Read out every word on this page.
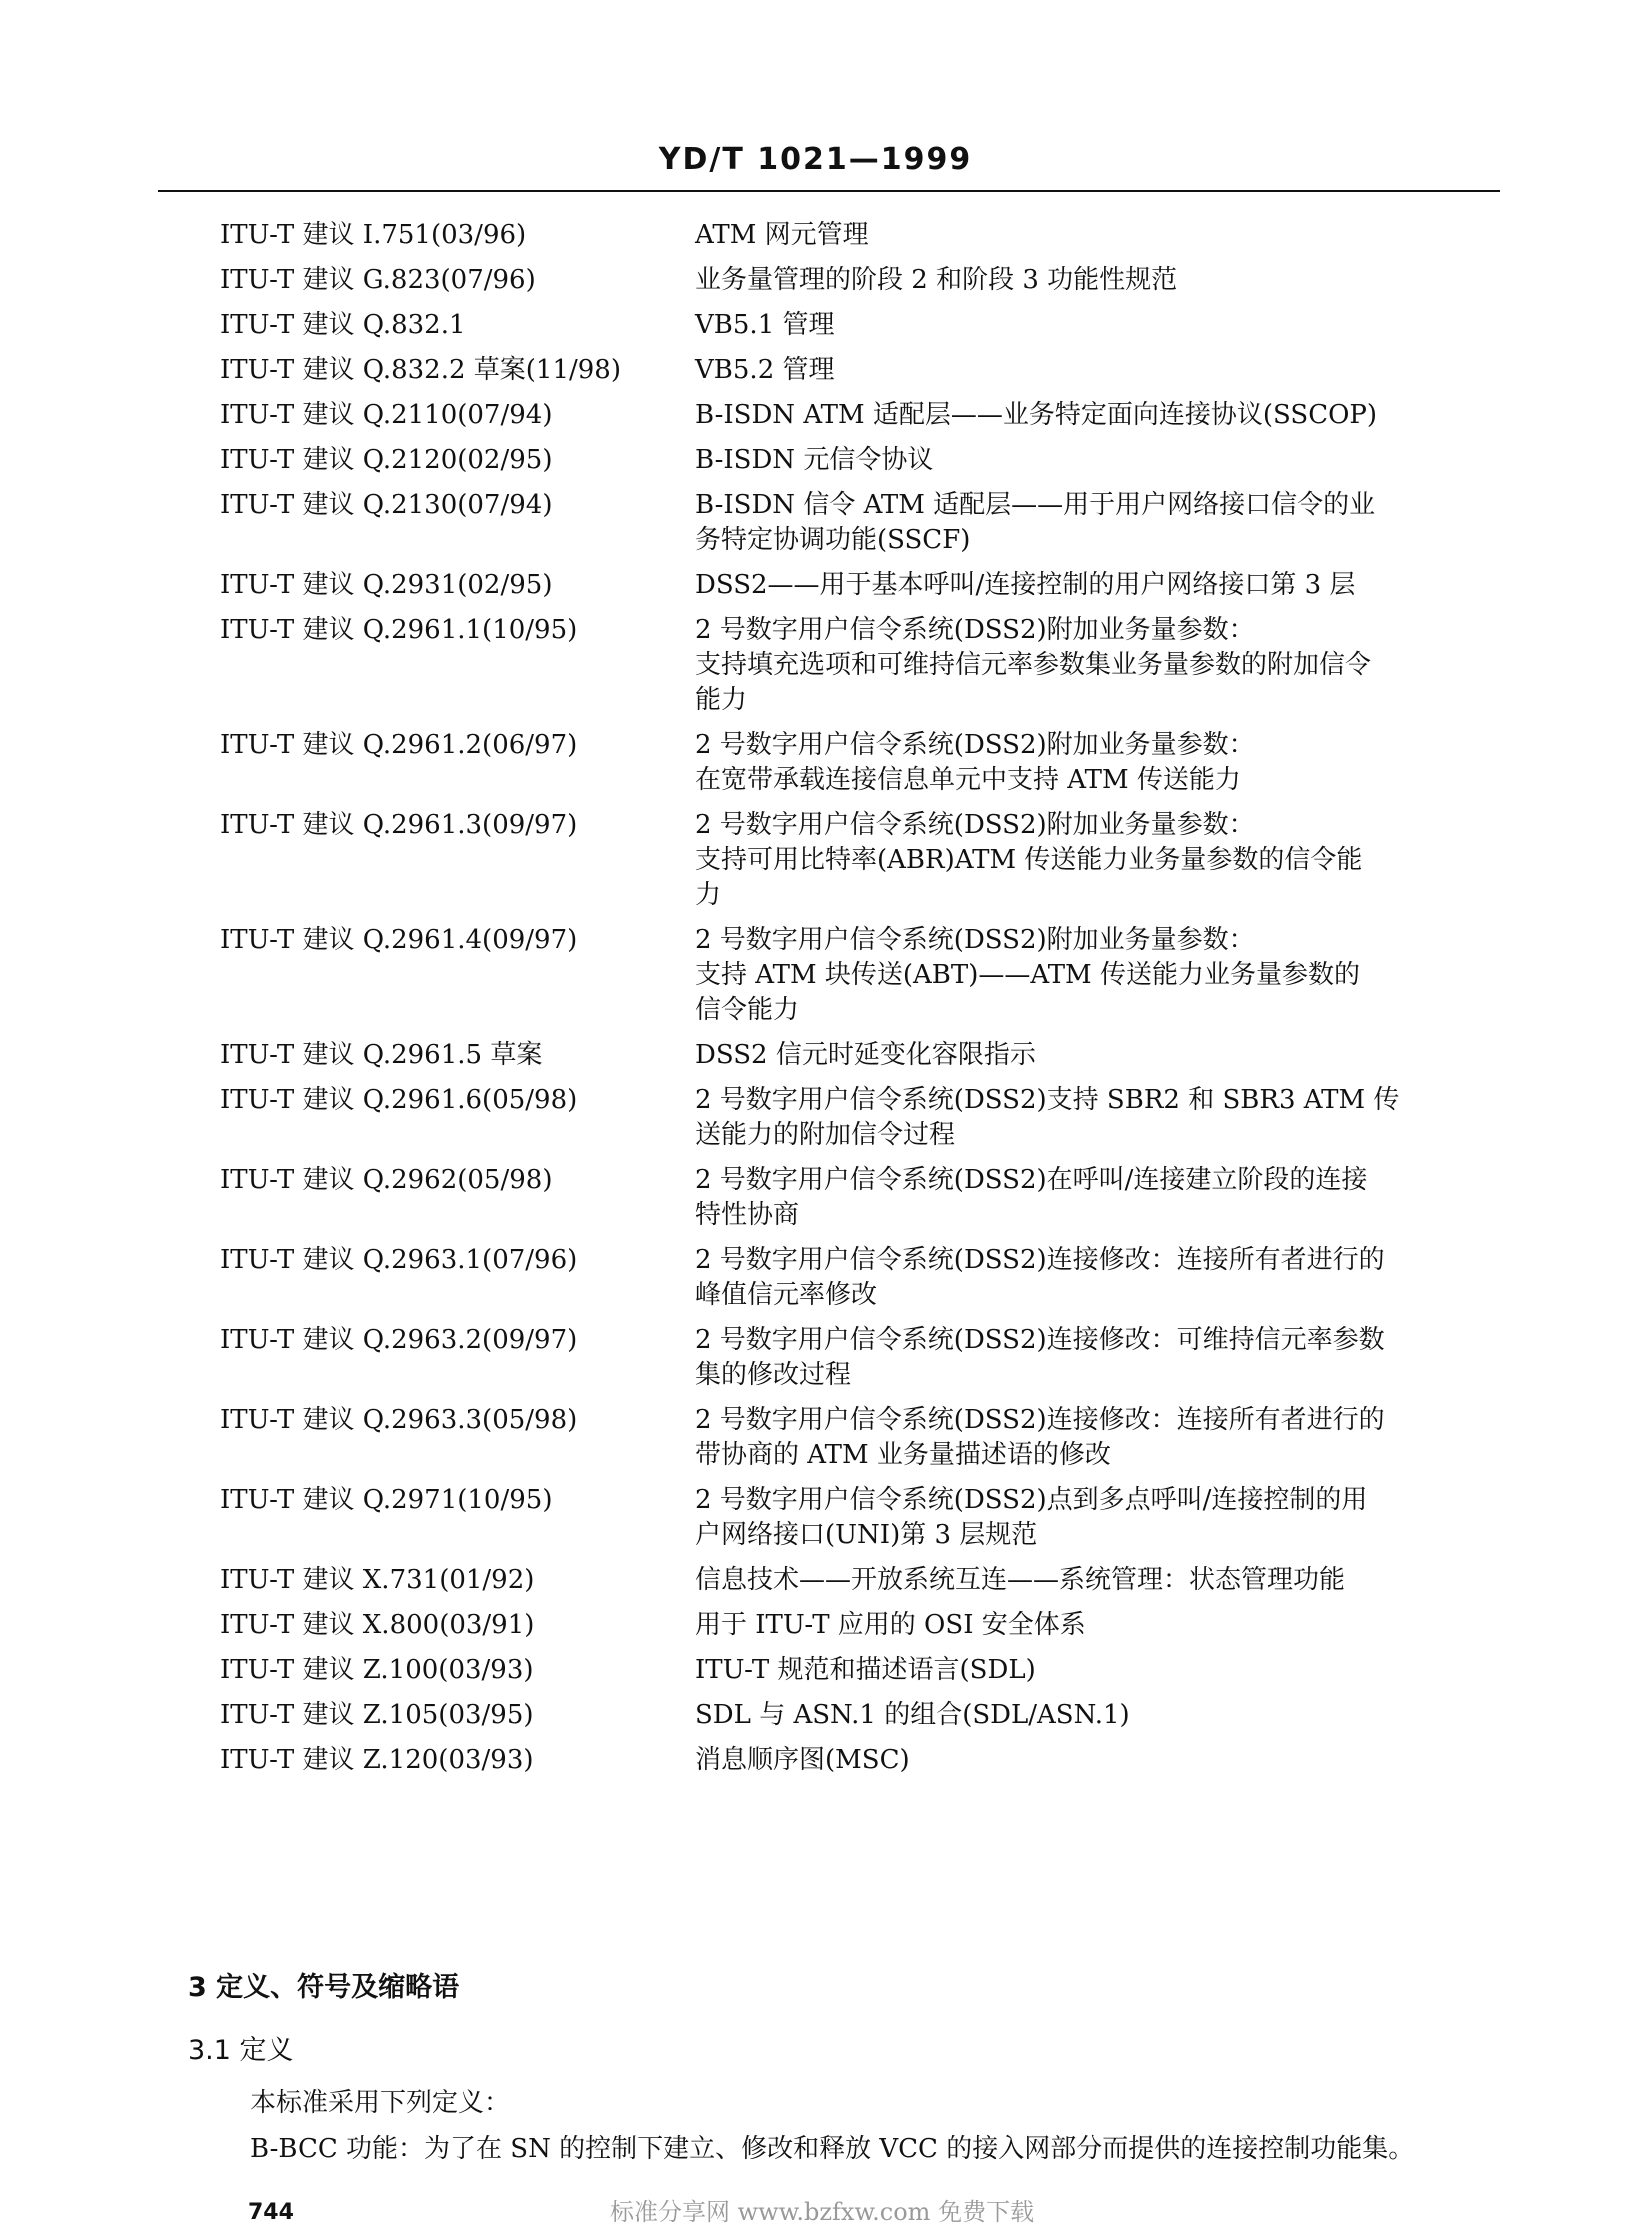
YD/T 1021—1999
ITU-T 建议 I.751(03/96)	ATM 网元管理
ITU-T 建议 G.823(07/96)	业务量管理的阶段 2 和阶段 3 功能性规范
ITU-T 建议 Q.832.1	VB5.1 管理
ITU-T 建议 Q.832.2 草案(11/98)	VB5.2 管理
ITU-T 建议 Q.2110(07/94)	B-ISDN ATM 适配层——业务特定面向连接协议(SSCOP)
ITU-T 建议 Q.2120(02/95)	B-ISDN 元信令协议
ITU-T 建议 Q.2130(07/94)	B-ISDN 信令 ATM 适配层——用于用户网络接口信令的业
务特定协调功能(SSCF)
ITU-T 建议 Q.2931(02/95)	DSS2——用于基本呼叫/连接控制的用户网络接口第 3 层
ITU-T 建议 Q.2961.1(10/95)	2 号数字用户信令系统(DSS2)附加业务量参数：
支持填充选项和可维持信元率参数集业务量参数的附加信令
能力
ITU-T 建议 Q.2961.2(06/97)	2 号数字用户信令系统(DSS2)附加业务量参数：
在宽带承载连接信息单元中支持 ATM 传送能力
ITU-T 建议 Q.2961.3(09/97)	2 号数字用户信令系统(DSS2)附加业务量参数：
支持可用比特率(ABR)ATM 传送能力业务量参数的信令能
力
ITU-T 建议 Q.2961.4(09/97)	2 号数字用户信令系统(DSS2)附加业务量参数：
支持 ATM 块传送(ABT)——ATM 传送能力业务量参数的
信令能力
ITU-T 建议 Q.2961.5 草案	DSS2 信元时延变化容限指示
ITU-T 建议 Q.2961.6(05/98)	2 号数字用户信令系统(DSS2)支持 SBR2 和 SBR3 ATM 传
送能力的附加信令过程
ITU-T 建议 Q.2962(05/98)	2 号数字用户信令系统(DSS2)在呼叫/连接建立阶段的连接
特性协商
ITU-T 建议 Q.2963.1(07/96)	2 号数字用户信令系统(DSS2)连接修改：连接所有者进行的
峰值信元率修改
ITU-T 建议 Q.2963.2(09/97)	2 号数字用户信令系统(DSS2)连接修改：可维持信元率参数
集的修改过程
ITU-T 建议 Q.2963.3(05/98)	2 号数字用户信令系统(DSS2)连接修改：连接所有者进行的
带协商的 ATM 业务量描述语的修改
ITU-T 建议 Q.2971(10/95)	2 号数字用户信令系统(DSS2)点到多点呼叫/连接控制的用
户网络接口(UNI)第 3 层规范
ITU-T 建议 X.731(01/92)	信息技术——开放系统互连——系统管理：状态管理功能
ITU-T 建议 X.800(03/91)	用于 ITU-T 应用的 OSI 安全体系
ITU-T 建议 Z.100(03/93)	ITU-T 规范和描述语言(SDL)
ITU-T 建议 Z.105(03/95)	SDL 与 ASN.1 的组合(SDL/ASN.1)
ITU-T 建议 Z.120(03/93)	消息顺序图(MSC)
3 定义、符号及缩略语
3.1 定义
本标准采用下列定义：
B-BCC 功能：为了在 SN 的控制下建立、修改和释放 VCC 的接入网部分而提供的连接控制功能集。
744	标准分享网 www.bzfxw.com 免费下载
